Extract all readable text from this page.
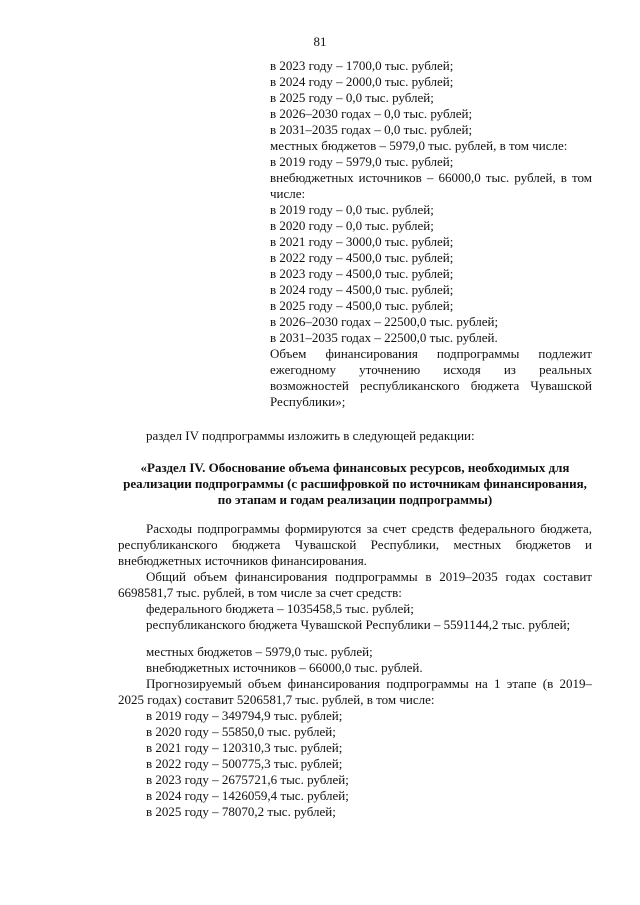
81
в 2023 году – 1700,0 тыс. рублей;
в 2024 году – 2000,0 тыс. рублей;
в 2025 году – 0,0 тыс. рублей;
в 2026–2030 годах – 0,0 тыс. рублей;
в 2031–2035 годах – 0,0 тыс. рублей;
местных бюджетов – 5979,0 тыс. рублей, в том числе:
в 2019 году – 5979,0 тыс. рублей;

внебюджетных источников – 66000,0 тыс. рублей, в том числе:

в 2019 году – 0,0 тыс. рублей;
в 2020 году – 0,0 тыс. рублей;
в 2021 году – 3000,0 тыс. рублей;
в 2022 году – 4500,0 тыс. рублей;
в 2023 году – 4500,0 тыс. рублей;
в 2024 году – 4500,0 тыс. рублей;
в 2025 году – 4500,0 тыс. рублей;
в 2026–2030 годах – 22500,0 тыс. рублей;
в 2031–2035 годах – 22500,0 тыс. рублей.

Объем финансирования подпрограммы подлежит ежегодному уточнению исходя из реальных возможностей республиканского бюджета Чувашской Республики»;

раздел IV подпрограммы изложить в следующей редакции:
«Раздел IV. Обоснование объема финансовых ресурсов, необходимых для реализации подпрограммы (с расшифровкой по источникам финансирования, по этапам и годам реализации подпрограммы)

Расходы подпрограммы формируются за счет средств федерального бюджета, республиканского бюджета Чувашской Республики, местных бюджетов и внебюджетных источников финансирования.

Общий объем финансирования подпрограммы в 2019–2035 годах составит 6698581,7 тыс. рублей, в том числе за счет средств:

федерального бюджета – 1035458,5 тыс. рублей;

республиканского бюджета Чувашской Республики – 5591144,2 тыс. рублей;

местных бюджетов – 5979,0 тыс. рублей;
внебюджетных источников – 66000,0 тыс. рублей.

Прогнозируемый объем финансирования подпрограммы на 1 этапе (в 2019–2025 годах) составит 5206581,7 тыс. рублей, в том числе:

в 2019 году – 349794,9 тыс. рублей;
в 2020 году – 55850,0 тыс. рублей;
в 2021 году – 120310,3 тыс. рублей;
в 2022 году – 500775,3 тыс. рублей;
в 2023 году – 2675721,6 тыс. рублей;
в 2024 году – 1426059,4 тыс. рублей;
в 2025 году – 78070,2 тыс. рублей;
